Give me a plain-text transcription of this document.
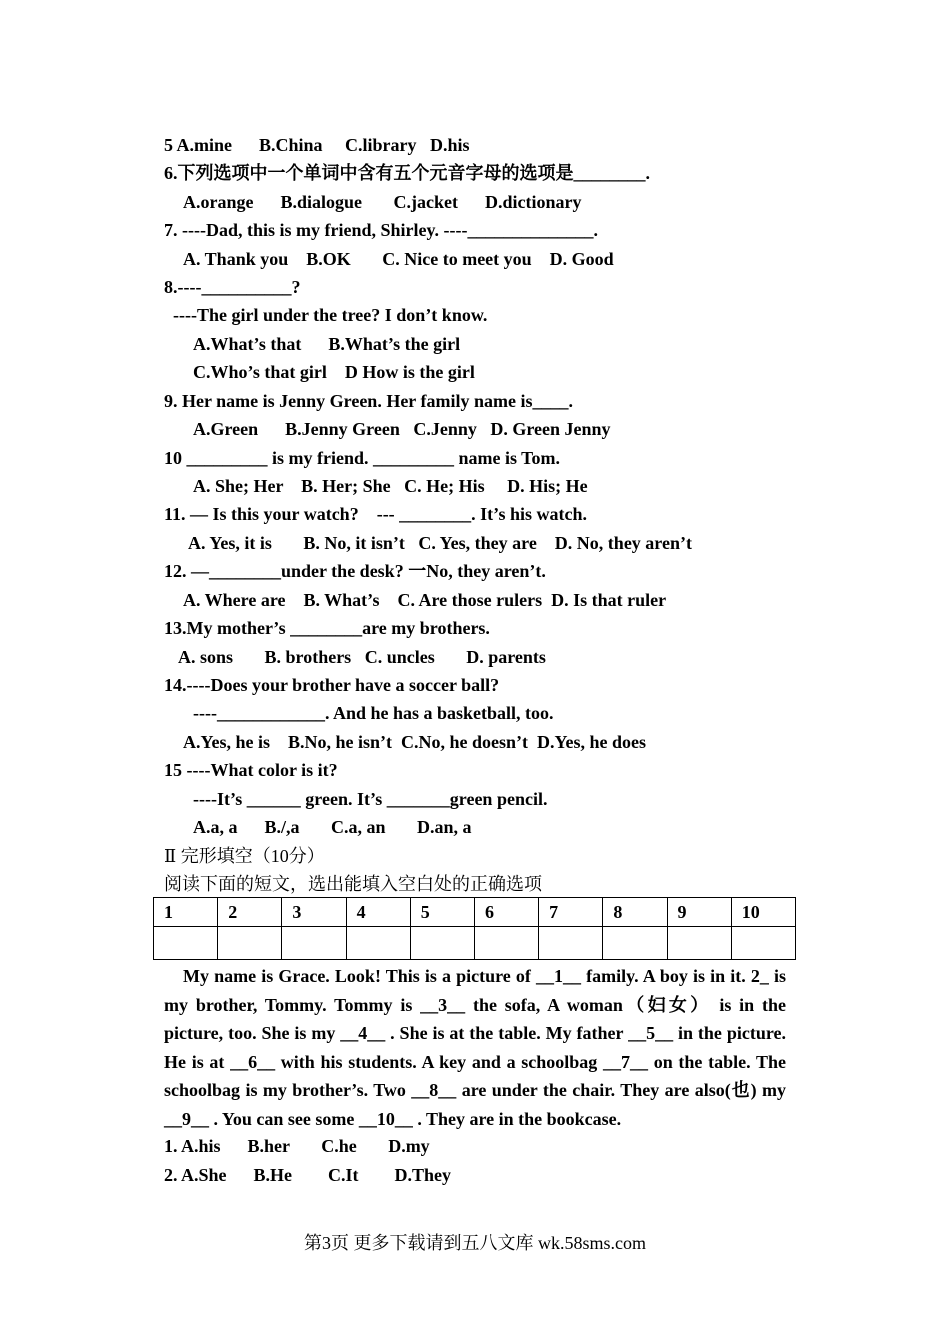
5 A.mine      B.China     C.library   D.his
6.下列选项中一个单词中含有五个元音字母的选项是________.
A.orange      B.dialogue       C.jacket      D.dictionary
7. ----Dad, this is my friend, Shirley. ----______________.
A. Thank you    B.OK       C. Nice to meet you    D. Good
8.----__________?
----The girl under the tree? I don’t know.
A.What’s that      B.What’s the girl
C.Who’s that girl    D How is the girl
9. Her name is Jenny Green. Her family name is____.
A.Green      B.Jenny Green   C.Jenny   D. Green Jenny
10 _________ is my friend. _________ name is Tom.
A. She; Her    B. Her; She   C. He; His     D. His; He
11. — Is this your watch?    --- ________. It’s his watch.
A. Yes, it is       B. No, it isn’t   C. Yes, they are    D. No, they aren’t
12. —________under the desk? 一No, they aren’t.
A. Where are    B. What’s    C. Are those rulers  D. Is that ruler
13.My mother’s ________are my brothers.
A. sons       B. brothers   C. uncles       D. parents
14.----Does your brother have a soccer ball?
----____________. And he has a basketball, too.
A.Yes, he is    B.No, he isn’t  C.No, he doesn’t  D.Yes, he does
15 ----What color is it?
----It’s ______ green. It’s _______green pencil.
A.a, a      B./,a       C.a, an       D.an, a
Ⅱ 完形填空（10分）
阅读下面的短文，选出能填入空白处的正确选项
1	2	3	4	5	6	7	8	9	10

My name is Grace. Look! This is a picture of __1__ family. A boy is in it. 2_ is my brother, Tommy. Tommy is __3__ the sofa, A woman（妇女） is in the picture, too. She is my __4__ . She is at the table. My father __5__ in the picture. He is at __6__ with his students. A key and a schoolbag __7__ on the table. The schoolbag is my brother’s. Two __8__ are under the chair. They are also(也) my __9__ . You can see some __10__ . They are in the bookcase.
1. A.his      B.her       C.he       D.my
2. A.She      B.He        C.It        D.They
第3页 更多下载请到五八文库 wk.58sms.com
